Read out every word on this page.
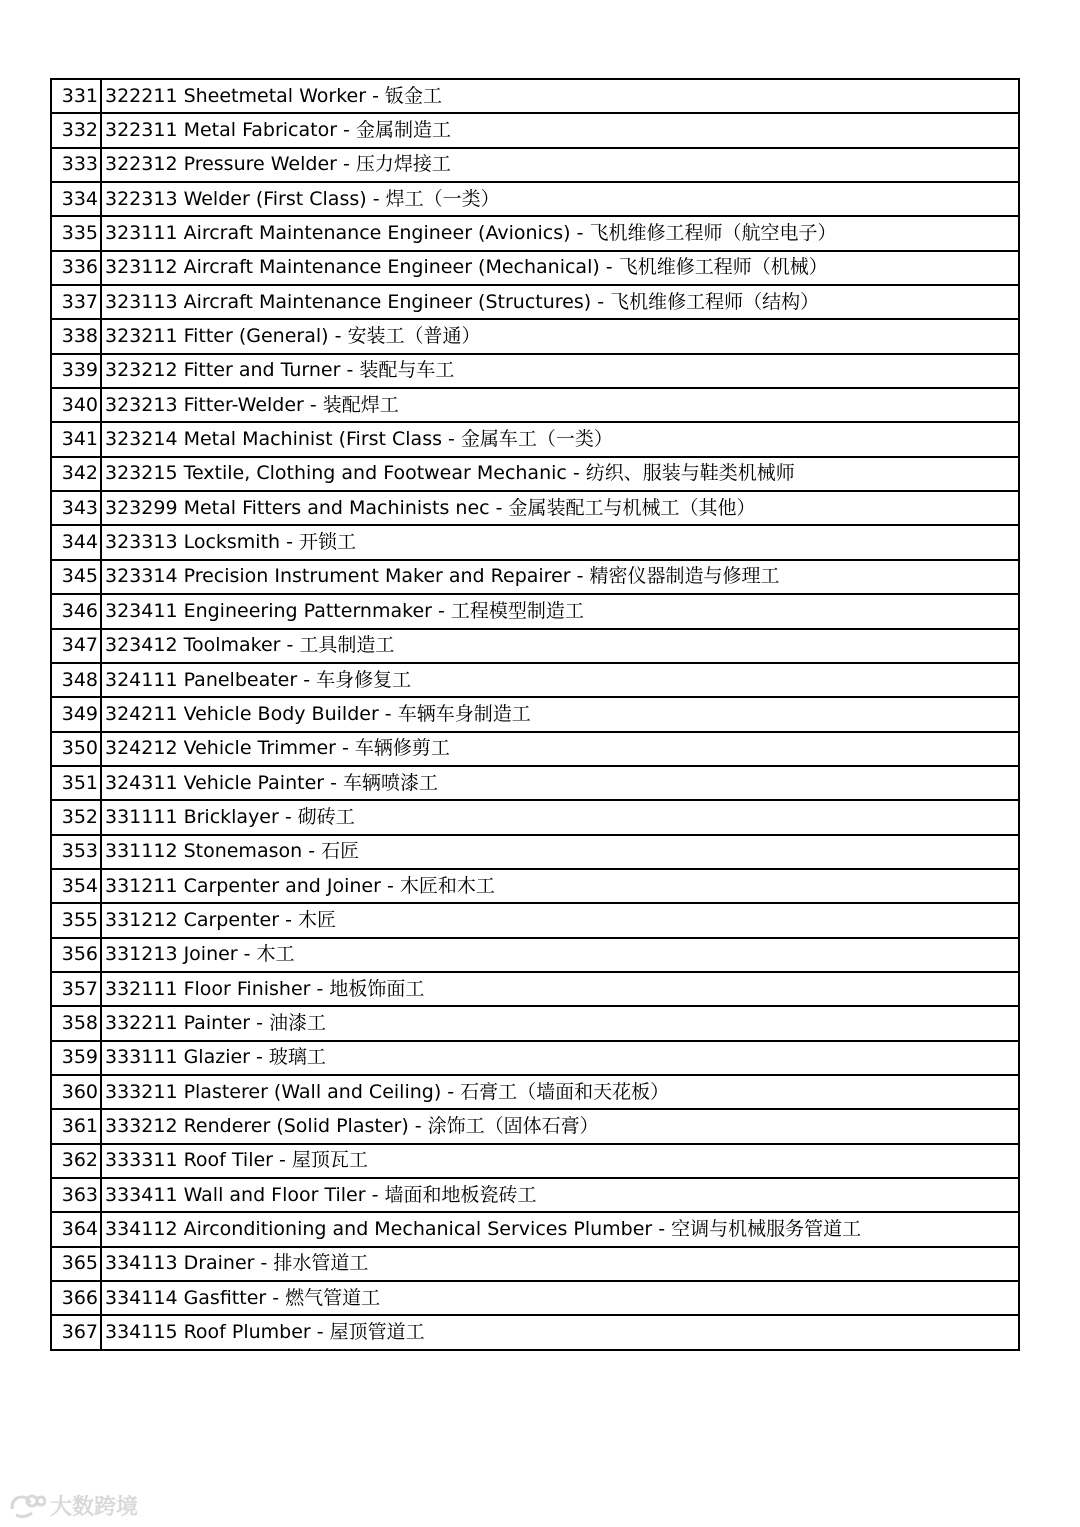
331	322211 Sheetmetal Worker - 钣金工
332	322311 Metal Fabricator - 金属制造工
333	322312 Pressure Welder - 压力焊接工
334	322313 Welder (First Class) - 焊工（一类）
335	323111 Aircraft Maintenance Engineer (Avionics) - 飞机维修工程师（航空电子）
336	323112 Aircraft Maintenance Engineer (Mechanical) - 飞机维修工程师（机械）
337	323113 Aircraft Maintenance Engineer (Structures) - 飞机维修工程师（结构）
338	323211 Fitter (General) - 安装工（普通）
339	323212 Fitter and Turner - 装配与车工
340	323213 Fitter-Welder - 装配焊工
341	323214 Metal Machinist (First Class - 金属车工（一类）
342	323215 Textile, Clothing and Footwear Mechanic - 纺织、服装与鞋类机械师
343	323299 Metal Fitters and Machinists nec - 金属装配工与机械工（其他）
344	323313 Locksmith - 开锁工
345	323314 Precision Instrument Maker and Repairer - 精密仪器制造与修理工
346	323411 Engineering Patternmaker - 工程模型制造工
347	323412 Toolmaker - 工具制造工
348	324111 Panelbeater - 车身修复工
349	324211 Vehicle Body Builder - 车辆车身制造工
350	324212 Vehicle Trimmer - 车辆修剪工
351	324311 Vehicle Painter - 车辆喷漆工
352	331111 Bricklayer - 砌砖工
353	331112 Stonemason - 石匠
354	331211 Carpenter and Joiner - 木匠和木工
355	331212 Carpenter - 木匠
356	331213 Joiner - 木工
357	332111 Floor Finisher - 地板饰面工
358	332211 Painter - 油漆工
359	333111 Glazier - 玻璃工
360	333211 Plasterer (Wall and Ceiling) - 石膏工（墙面和天花板）
361	333212 Renderer (Solid Plaster) - 涂饰工（固体石膏）
362	333311 Roof Tiler - 屋顶瓦工
363	333411 Wall and Floor Tiler - 墙面和地板瓷砖工
364	334112 Airconditioning and Mechanical Services Plumber - 空调与机械服务管道工
365	334113 Drainer - 排水管道工
366	334114 Gasfitter - 燃气管道工
367	334115 Roof Plumber - 屋顶管道工
大数跨境
